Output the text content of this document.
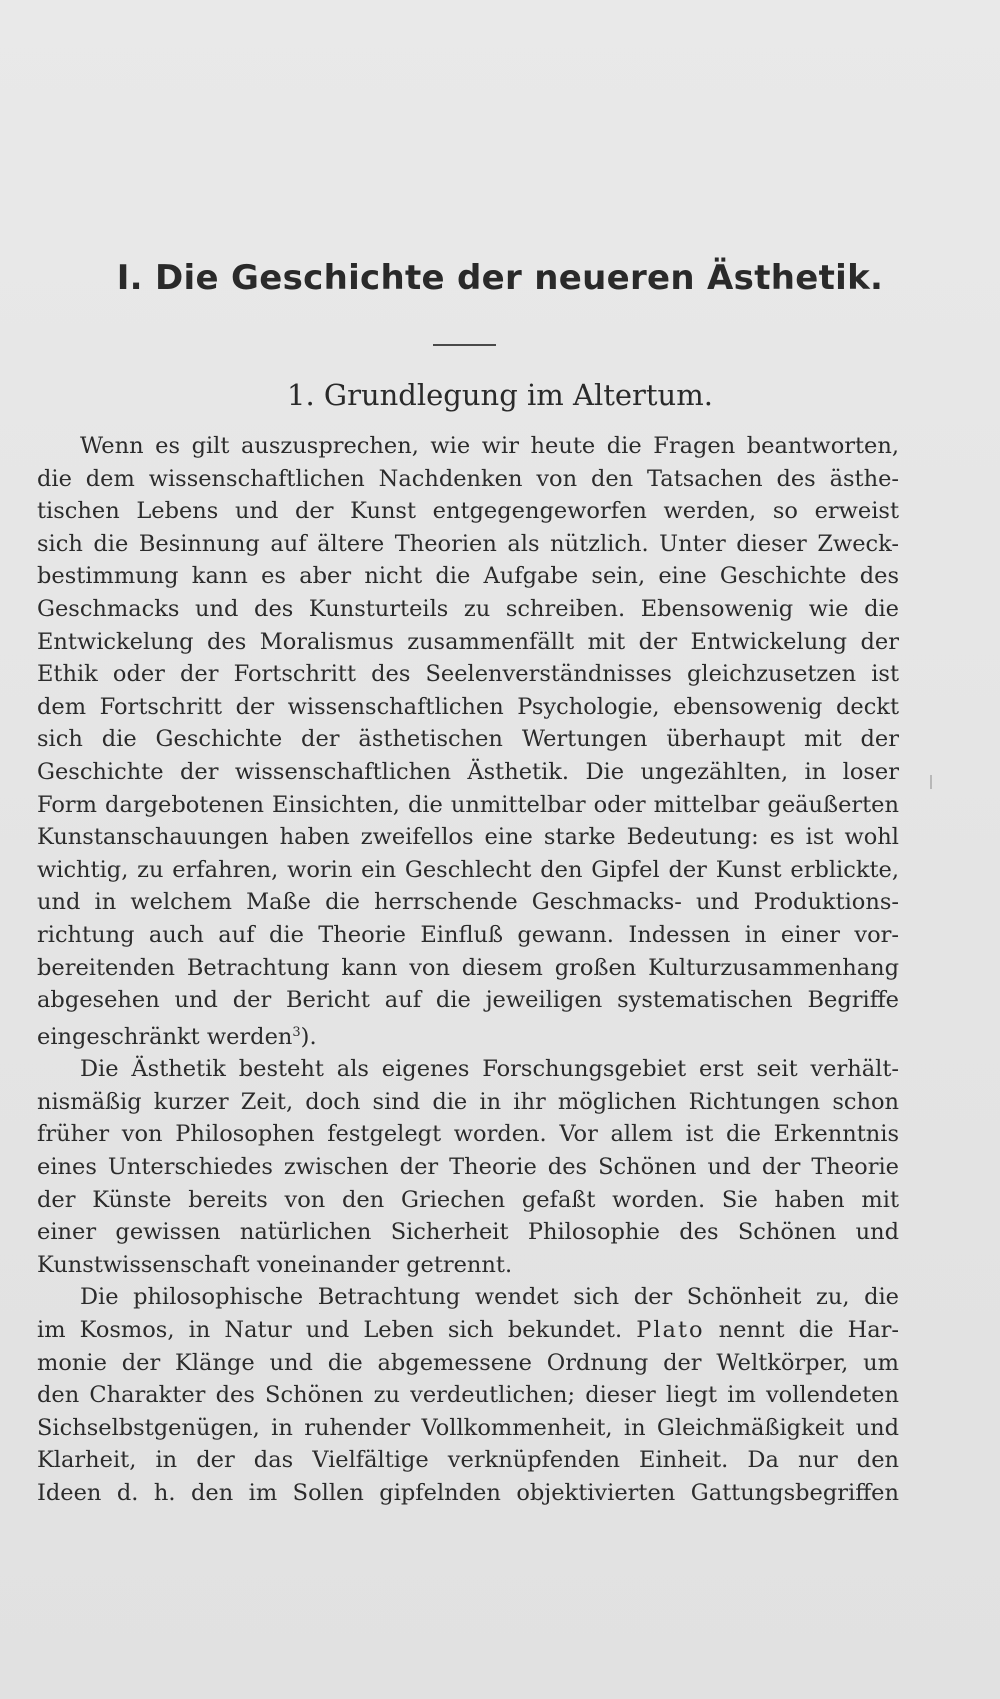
I. Die Geschichte der neueren Ästhetik.
1. Grundlegung im Altertum.
Wenn es gilt auszusprechen, wie wir heute die Fragen beantworten,
die dem wissenschaftlichen Nachdenken von den Tatsachen des ästhe-
tischen Lebens und der Kunst entgegengeworfen werden, so erweist
sich die Besinnung auf ältere Theorien als nützlich. Unter dieser Zweck-
bestimmung kann es aber nicht die Aufgabe sein, eine Geschichte des
Geschmacks und des Kunsturteils zu schreiben. Ebensowenig wie die
Entwickelung des Moralismus zusammenfällt mit der Entwickelung der
Ethik oder der Fortschritt des Seelenverständnisses gleichzusetzen ist
dem Fortschritt der wissenschaftlichen Psychologie, ebensowenig deckt
sich die Geschichte der ästhetischen Wertungen überhaupt mit der
Geschichte der wissenschaftlichen Ästhetik. Die ungezählten, in loser
Form dargebotenen Einsichten, die unmittelbar oder mittelbar geäußerten
Kunstanschauungen haben zweifellos eine starke Bedeutung: es ist wohl
wichtig, zu erfahren, worin ein Geschlecht den Gipfel der Kunst erblickte,
und in welchem Maße die herrschende Geschmacks- und Produktions-
richtung auch auf die Theorie Einfluß gewann. Indessen in einer vor-
bereitenden Betrachtung kann von diesem großen Kulturzusammenhang
abgesehen und der Bericht auf die jeweiligen systematischen Begriffe
eingeschränkt werden$^3$).
Die Ästhetik besteht als eigenes Forschungsgebiet erst seit verhält-
nismäßig kurzer Zeit, doch sind die in ihr möglichen Richtungen schon
früher von Philosophen festgelegt worden. Vor allem ist die Erkenntnis
eines Unterschiedes zwischen der Theorie des Schönen und der Theorie
der Künste bereits von den Griechen gefaßt worden. Sie haben mit
einer gewissen natürlichen Sicherheit Philosophie des Schönen und
Kunstwissenschaft voneinander getrennt.
Die philosophische Betrachtung wendet sich der Schönheit zu, die
im Kosmos, in Natur und Leben sich bekundet. Plato nennt die Har-
monie der Klänge und die abgemessene Ordnung der Weltkörper, um
den Charakter des Schönen zu verdeutlichen; dieser liegt im vollendeten
Sichselbstgenügen, in ruhender Vollkommenheit, in Gleichmäßigkeit und
Klarheit, in der das Vielfältige verknüpfenden Einheit. Da nur den
Ideen d. h. den im Sollen gipfelnden objektivierten Gattungsbegriffen
